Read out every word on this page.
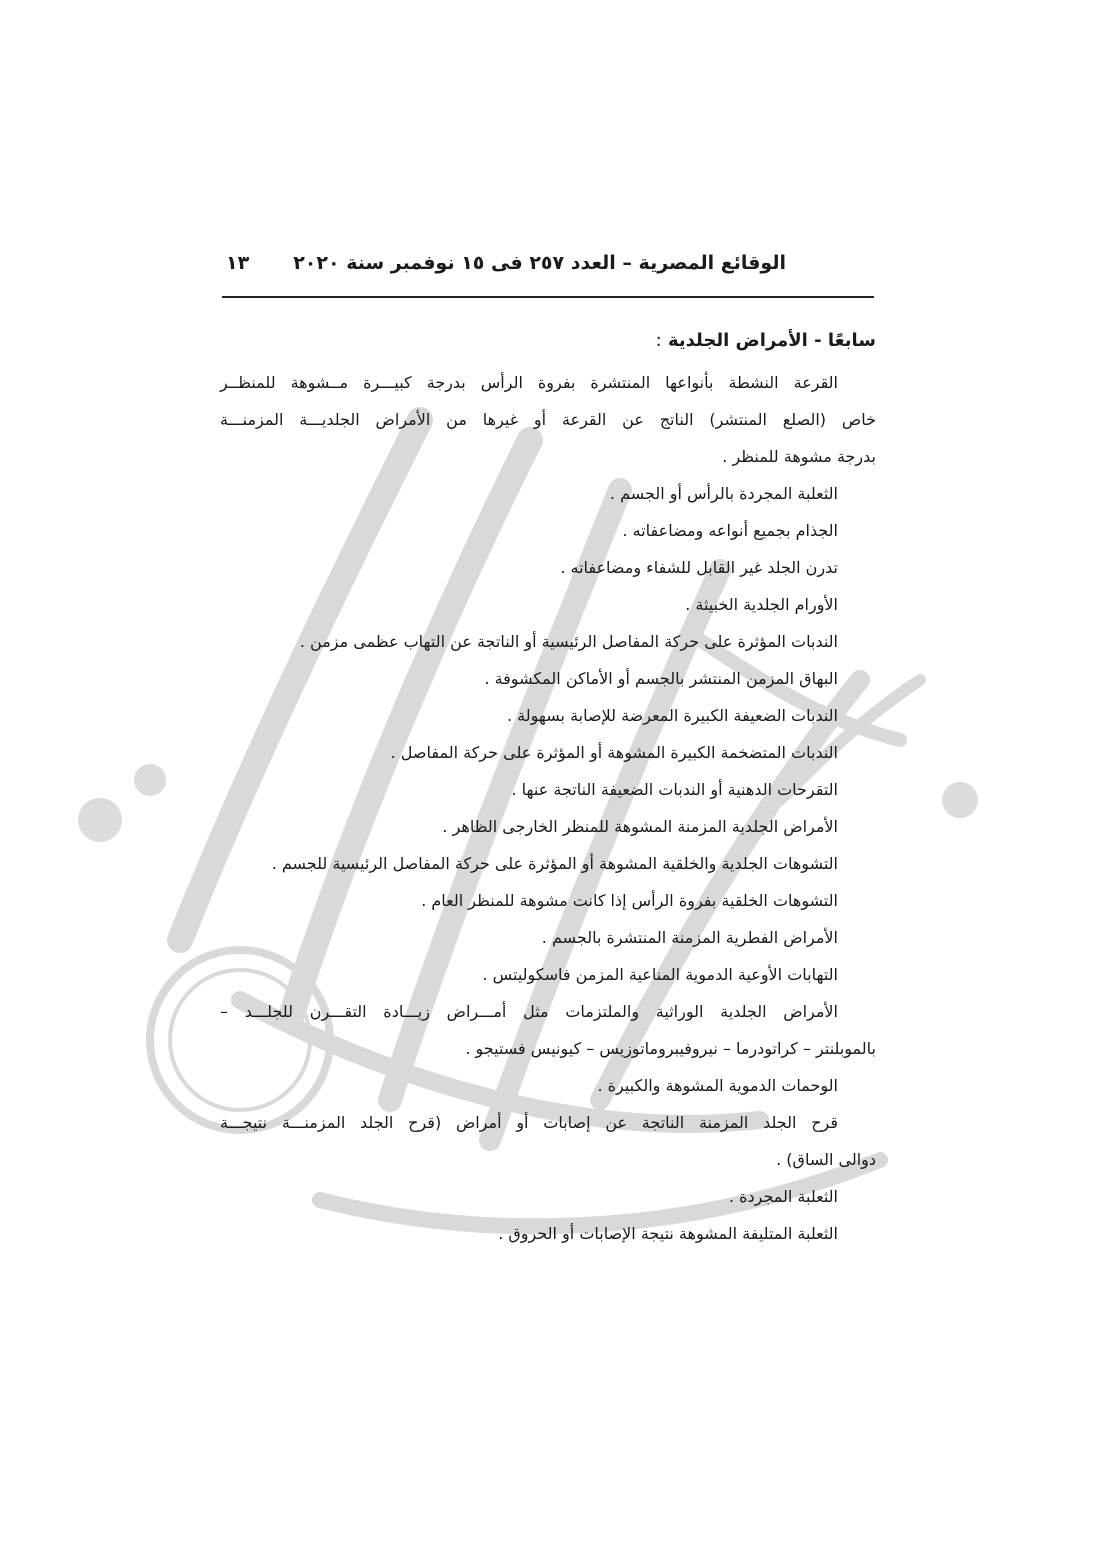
الوقائع المصرية – العدد ٢٥٧ فى ١٥ نوفمبر سنة ٢٠٢٠
١٣
سابعًا - الأمراض الجلدية :
القرعة النشطة بأنواعها المنتشرة بفروة الرأس بدرجة كبيـــرة مــشوهة للمنظــر
خاص (الصلع المنتشر) الناتج عن القرعة أو غيرها من الأمراض الجلديـــة المزمنـــة
بدرجة مشوهة للمنظر .
الثعلبة المجردة بالرأس أو الجسم .
الجذام بجميع أنواعه ومضاعفاته .
تدرن الجلد غير القابل للشفاء ومضاعفاته .
الأورام الجلدية الخبيثة .
الندبات المؤثرة على حركة المفاصل الرئيسية أو الناتجة عن التهاب عظمى مزمن .
البهاق المزمن المنتشر بالجسم أو الأماكن المكشوفة .
الندبات الضعيفة الكبيرة المعرضة للإصابة بسهولة .
الندبات المتضخمة الكبيرة المشوهة أو المؤثرة على حركة المفاصل .
التقرحات الدهنية أو الندبات الضعيفة الناتجة عنها .
الأمراض الجلدية المزمنة المشوهة للمنظر الخارجى الظاهر .
التشوهات الجلدية والخلقية المشوهة أو المؤثرة على حركة المفاصل الرئيسية للجسم .
التشوهات الخلقية بفروة الرأس إذا كانت مشوهة للمنظر العام .
الأمراض الفطرية المزمنة المنتشرة بالجسم .
التهابات الأوعية الدموية المناعية المزمن فاسكوليتس .
الأمراض الجلدية الوراثية والملتزمات مثل أمـــراض زيـــادة التقـــرن للجلـــد –
بالموبلنتر – كراتودرما – نيروفيبروماتوزيس – كيونيس فستيجو .
الوحمات الدموية المشوهة والكبيرة .
قرح الجلد المزمنة الناتجة عن إصابات أو أمراض (قرح الجلد المزمنـــة نتيجـــة
دوالى الساق) .
الثعلبة المجردة .
الثعلبة المتليفة المشوهة نتيجة الإصابات أو الحروق .
